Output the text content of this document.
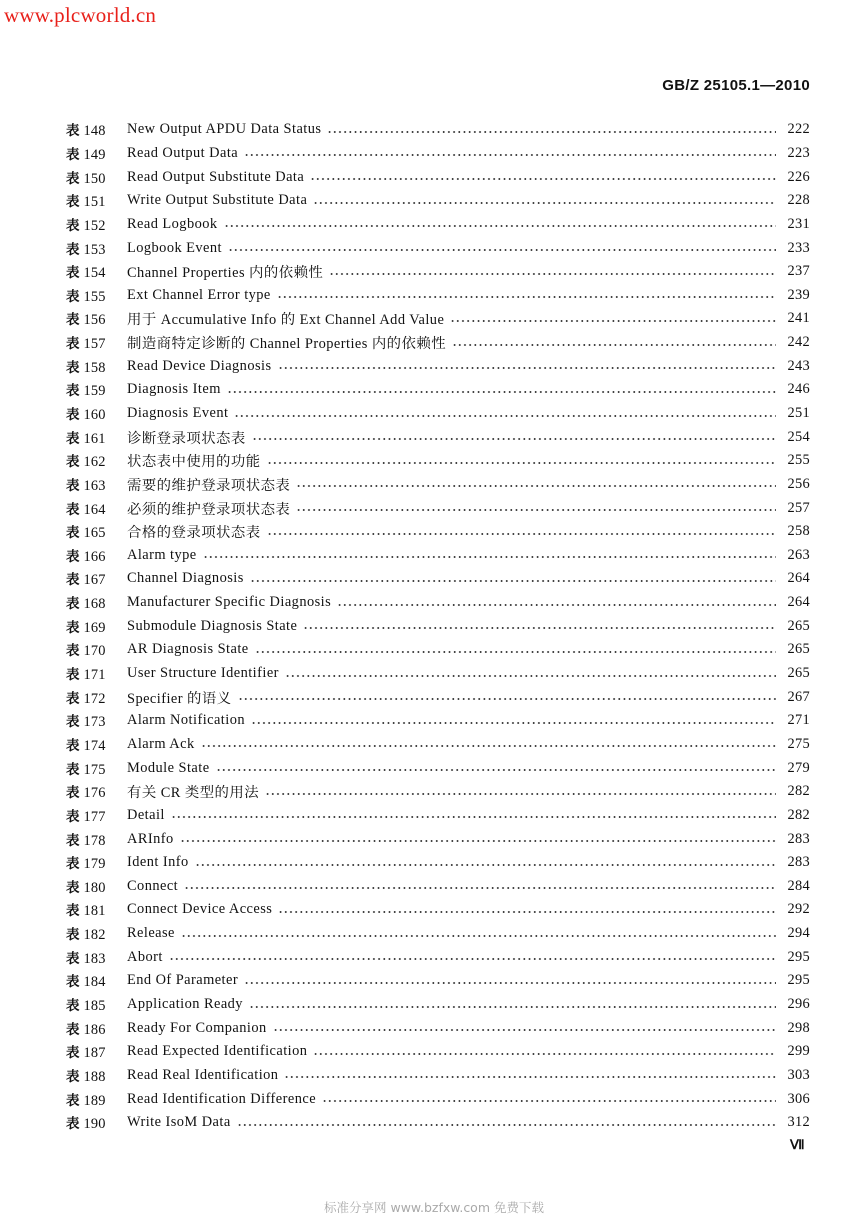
www.plcworld.cn
GB/Z 25105.1—2010
表 148	New Output APDU Data Status	222
表 149	Read Output Data	223
表 150	Read Output Substitute Data	226
表 151	Write Output Substitute Data	228
表 152	Read Logbook	231
表 153	Logbook Event	233
表 154	Channel Properties 内的依赖性	237
表 155	Ext Channel Error type	239
表 156	用于 Accumulative Info 的 Ext Channel Add Value	241
表 157	制造商特定诊断的 Channel Properties 内的依赖性	242
表 158	Read Device Diagnosis	243
表 159	Diagnosis Item	246
表 160	Diagnosis Event	251
表 161	诊断登录项状态表	254
表 162	状态表中使用的功能	255
表 163	需要的维护登录项状态表	256
表 164	必须的维护登录项状态表	257
表 165	合格的登录项状态表	258
表 166	Alarm type	263
表 167	Channel Diagnosis	264
表 168	Manufacturer Specific Diagnosis	264
表 169	Submodule Diagnosis State	265
表 170	AR Diagnosis State	265
表 171	User Structure Identifier	265
表 172	Specifier 的语义	267
表 173	Alarm Notification	271
表 174	Alarm Ack	275
表 175	Module State	279
表 176	有关 CR 类型的用法	282
表 177	Detail	282
表 178	ARInfo	283
表 179	Ident Info	283
表 180	Connect	284
表 181	Connect Device Access	292
表 182	Release	294
表 183	Abort	295
表 184	End Of Parameter	295
表 185	Application Ready	296
表 186	Ready For Companion	298
表 187	Read Expected Identification	299
表 188	Read Real Identification	303
表 189	Read Identification Difference	306
表 190	Write IsoM Data	312
Ⅶ
标准分享网 www.bzfxw.com 免费下载
